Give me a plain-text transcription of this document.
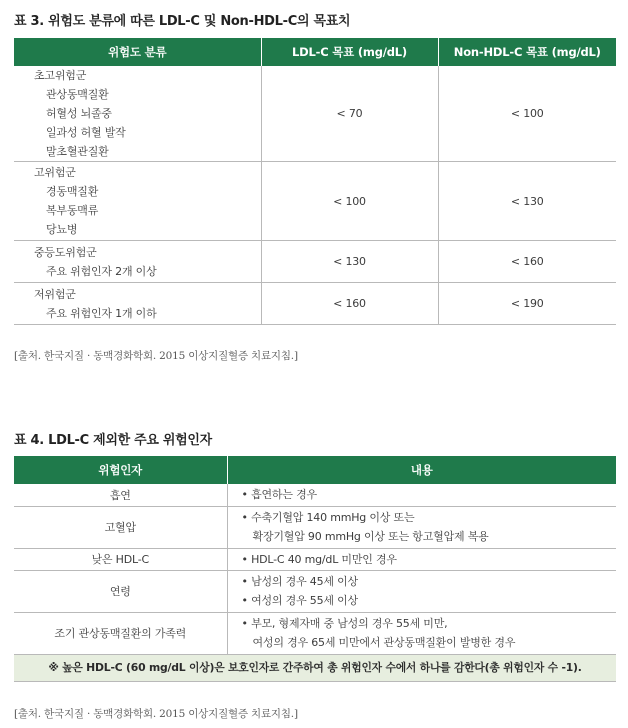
표 3. 위험도 분류에 따른 LDL-C 및 Non-HDL-C의 목표치
위험도 분류	LDL-C 목표 (mg/dL)	Non-HDL-C 목표 (mg/dL)

초고위험군
관상동맥질환
허혈성 뇌졸중
일과성 허혈 발작
말초혈관질환	< 70	< 100

고위험군
경동맥질환
복부동맥류
당뇨병	< 100	< 130

중등도위험군
주요 위험인자 2개 이상	< 130	< 160

저위험군
주요 위험인자 1개 이하	< 160	< 190
[출처. 한국지질 · 동맥경화학회. 2015 이상지질혈증 치료지침.]
표 4. LDL-C 제외한 주요 위험인자
위험인자	내용
흡연	• 흡연하는 경우

고혈압	• 수축기혈압 140 mmHg 이상 또는
확장기혈압 90 mmHg 이상 또는 항고혈압제 복용

낮은 HDL-C	• HDL-C 40 mg/dL 미만인 경우

연령	• 남성의 경우 45세 이상
• 여성의 경우 55세 이상

조기 관상동맥질환의 가족력	• 부모, 형제자매 중 남성의 경우 55세 미만,
여성의 경우 65세 미만에서 관상동맥질환이 발병한 경우

※ 높은 HDL-C (60 mg/dL 이상)은 보호인자로 간주하여 총 위험인자 수에서 하나를 감한다(총 위험인자 수 -1).	
[출처. 한국지질 · 동맥경화학회. 2015 이상지질혈증 치료지침.]
